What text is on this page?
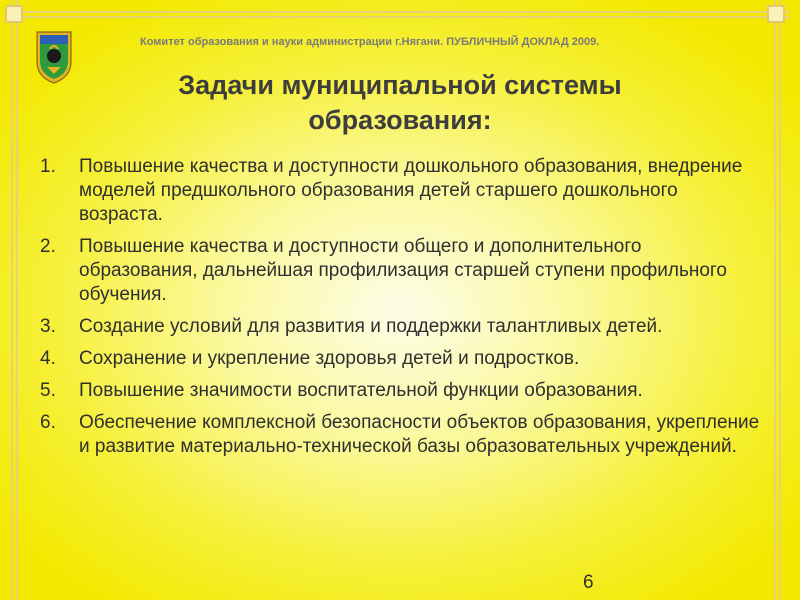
Комитет образования и науки администрации г.Нягани. ПУБЛИЧНЫЙ ДОКЛАД 2009.
Задачи муниципальной системы
образования:
1.	Повышение качества и доступности дошкольного образования, внедрение моделей предшкольного образования детей старшего дошкольного возраста.
2.	Повышение качества и доступности общего и дополнительного образования, дальнейшая профилизация старшей ступени профильного обучения.
3.	Создание условий для развития и поддержки талантливых детей.
4.	Сохранение и укрепление здоровья детей и подростков.
5.	Повышение значимости воспитательной функции образования.
6.	Обеспечение комплексной безопасности объектов образования, укрепление и развитие материально-технической базы образовательных учреждений.
6
